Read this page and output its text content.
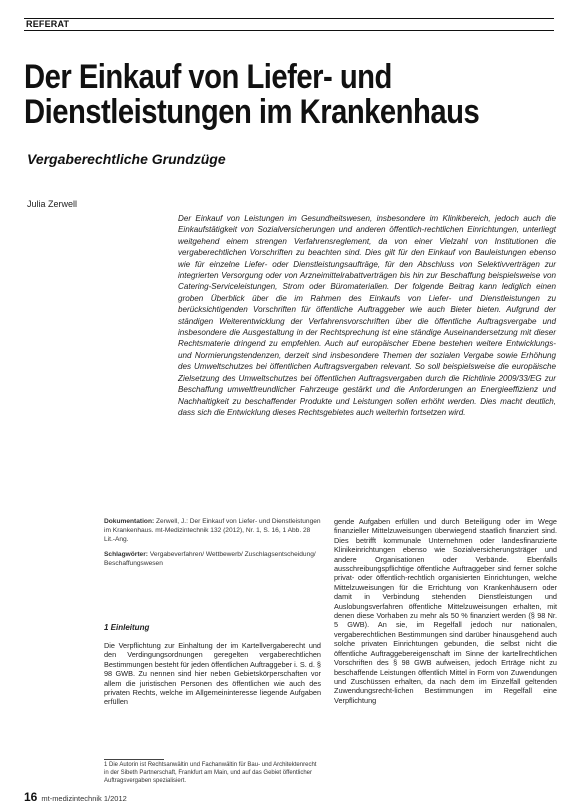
REFERAT
Der Einkauf von Liefer- und
Dienstleistungen im Krankenhaus
Vergaberechtliche Grundzüge
Julia Zerwell
Der Einkauf von Leistungen im Gesundheitswesen, insbesondere im Klinikbereich, jedoch auch die Einkaufstätigkeit von Sozialversicherungen und anderen öffentlich-rechtlichen Einrichtungen, unterliegt weitgehend einem strengen Verfahrensreglement, da von einer Vielzahl von Institutionen die vergaberechtlichen Vorschriften zu beachten sind. Dies gilt für den Einkauf von Bauleistungen ebenso wie für einzelne Liefer- oder Dienstleistungsaufträge, für den Abschluss von Selektivverträgen zur integrierten Versorgung oder von Arzneimittelrabattverträgen bis hin zur Beschaffung beispielsweise von Catering-Serviceleistungen, Strom oder Büromaterialien. Der folgende Beitrag kann lediglich einen groben Überblick über die im Rahmen des Einkaufs von Liefer- und Dienstleistungen zu berücksichtigenden Vorschriften für öffentliche Auftraggeber wie auch Bieter bieten. Aufgrund der ständigen Weiterentwicklung der Verfahrensvorschriften über die öffentliche Auftragsvergabe und insbesondere die Ausgestaltung in der Rechtsprechung ist eine ständige Auseinandersetzung mit dieser Rechtsmaterie dringend zu empfehlen. Auch auf europäischer Ebene bestehen weitere Entwicklungs- und Normierungstendenzen, derzeit sind insbesondere Themen der sozialen Vergabe sowie Erhöhung des Umweltschutzes bei öffentlichen Auftragsvergaben relevant. So soll beispielsweise die europäische Zielsetzung des Umweltschutzes bei öffentlichen Auftragsvergaben durch die Richtlinie 2009/33/EG zur Beschaffung umweltfreundlicher Fahrzeuge gestärkt und die Anforderungen an Energieeffizienz und Nachhaltigkeit zu beschaffender Produkte und Leistungen sollen erhöht werden. Dies macht deutlich, dass sich die Entwicklung dieses Rechtsgebietes auch weiterhin fortsetzen wird.

Dokumentation: Zerwell, J.: Der Einkauf von Liefer- und Dienstleistungen im Krankenhaus. mt-Medizintechnik 132 (2012), Nr. 1, S. 16, 1 Abb. 28 Lit.-Ang.

Schlagwörter: Vergabeverfahren/ Wettbewerb/ Zuschlagsentscheidung/ Beschaffungswesen

1 Einleitung
Die Verpflichtung zur Einhaltung der im Kartellvergaberecht und den Verdingungsordnungen geregelten vergaberechtlichen Bestimmungen besteht für jeden öffentlichen Auftraggeber i. S. d. § 98 GWB. Zu nennen sind hier neben Gebietskörperschaften vor allem die juristischen Personen des öffentlichen wie auch des privaten Rechts, welche im Allgemeininteresse liegende Aufgaben erfüllen
gende Aufgaben erfüllen und durch Beteiligung oder im Wege finanzieller Mittelzuweisungen überwiegend staatlich finanziert sind. Dies betrifft kommunale Unternehmen oder landesfinanzierte Klinikeinrichtungen ebenso wie Sozialversicherungsträger und andere Organisationen oder Verbände. Ebenfalls ausschreibungspflichtige öffentliche Auftraggeber sind ferner solche privat- oder öffentlich-rechtlich organisierten Einrichtungen, welche Mittelzuweisungen für die Errichtung von Krankenhäusern oder damit in Verbindung stehenden Dienstleistungen und Auslobungsverfahren öffentliche Mittelzuweisungen erhalten, mit denen diese Vorhaben zu mehr als 50 % finanziert werden (§ 98 Nr. 5 GWB). An sie, im Regelfall jedoch nur nationalen, vergaberechtlichen Bestimmungen sind darüber hinausgehend auch solche privaten Einrichtungen gebunden, die selbst nicht die öffentliche Auftraggebereigenschaft im Sinne der kartellrechtlichen Vorschriften des § 98 GWB aufweisen, jedoch Erträge nicht zu beschaffende Leistungen öffentlich Mittel in Form von Zuwendungen und Zuschüssen erhalten, da nach dem im Einzelfall geltenden Zuwendungsrecht-lichen Bestimmungen im Regelfall eine Verpflichtung
1 Die Autorin ist Rechtsanwältin und Fachanwältin für Bau- und Architektenrecht in der Sibeth Partnerschaft, Frankfurt am Main, und auf das Gebiet öffentlicher Auftragsvergaben spezialisiert.
16 mt-medizintechnik 1/2012
